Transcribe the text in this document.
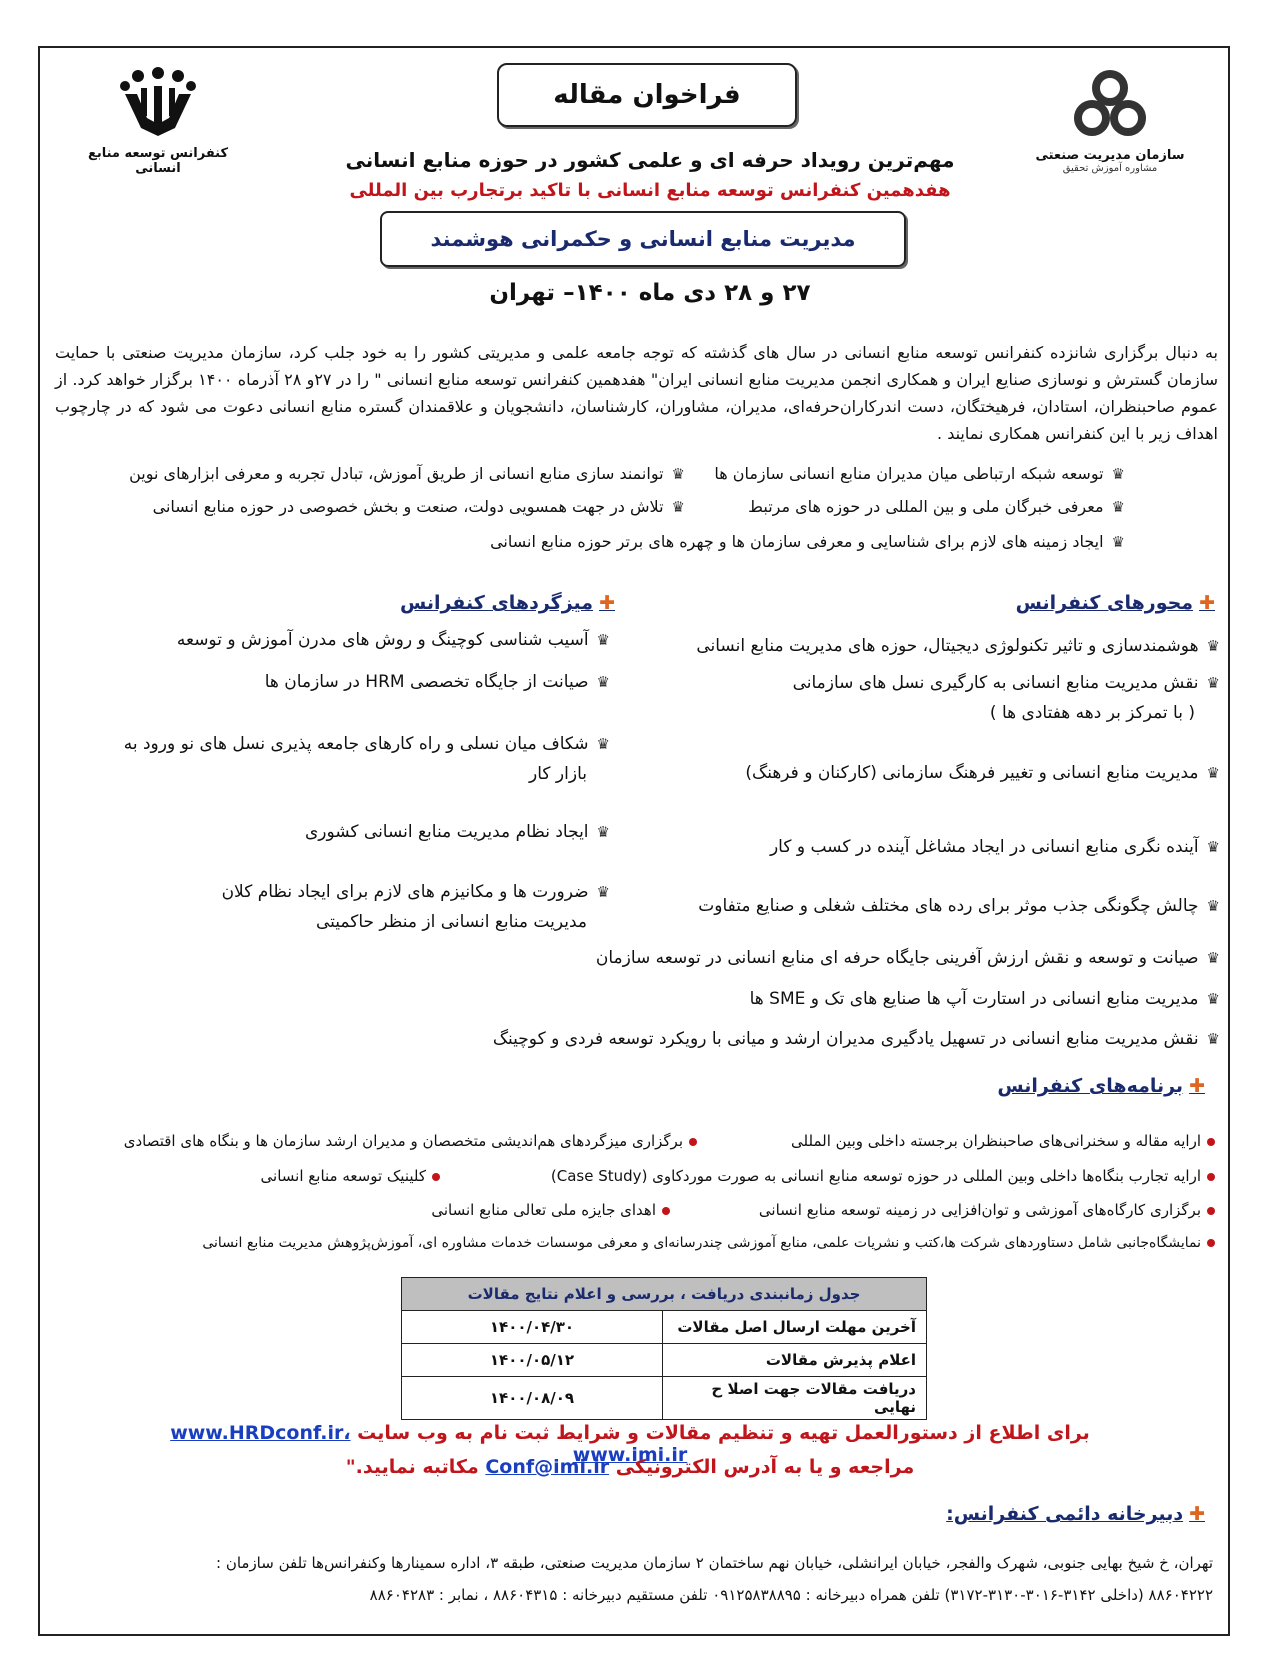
کنفرانس توسعه منابع انسانی
سازمان مدیریت صنعتی
مشاوره آموزش تحقیق
فراخوان مقاله
مهم‌ترین رویداد حرفه ای و علمی کشور در حوزه منابع انسانی
هفدهمین کنفرانس توسعه منابع انسانی با تاکید برتجارب بین المللی
مدیریت منابع انسانی و حکمرانی هوشمند
۲۷ و ۲۸ دی ماه ۱۴۰۰– تهران
به دنبال برگزاری شانزده کنفرانس توسعه منابع انسانی در سال های گذشته که توجه جامعه علمی و مدیریتی کشور را به خود جلب کرد، سازمان مدیریت صنعتی با حمایت سازمان گسترش و نوسازی صنایع ایران و همکاری انجمن مدیریت منابع انسانی ایران" هفدهمین کنفرانس توسعه منابع انسانی " را در ۲۷و ۲۸ آذرماه ۱۴۰۰ برگزار خواهد کرد. از عموم صاحبنظران، استادان، فرهیختگان، دست اندرکاران‌حرفه‌ای، مدیران، مشاوران، کارشناسان، دانشجویان و علاقمندان گستره منابع انسانی دعوت می شود که در چارچوب اهداف زیر با این کنفرانس همکاری نمایند .
♛توسعه شبکه ارتباطی میان مدیران منابع انسانی سازمان ها
♛توانمند سازی منابع انسانی از طریق آموزش، تبادل تجربه و معرفی ابزارهای نوین
♛معرفی خبرگان ملی و بین المللی در حوزه های مرتبط
♛تلاش در جهت همسویی دولت، صنعت و بخش خصوصی در حوزه منابع انسانی
♛ایجاد زمینه های لازم برای شناسایی و معرفی سازمان ها و چهره های برتر حوزه منابع انسانی
✚محورهای کنفرانس
♛هوشمندسازی و تاثیر تکنولوژی دیجیتال، حوزه های مدیریت منابع انسانی
♛نقش مدیریت منابع انسانی به کارگیری نسل های سازمانی
( با تمرکز بر دهه هفتادی ها )
♛مدیریت منابع انسانی و تغییر فرهنگ سازمانی (کارکنان و فرهنگ)
♛آینده نگری منابع انسانی در ایجاد مشاغل آینده در کسب و کار
♛چالش چگونگی جذب موثر برای رده های مختلف شغلی و صنایع متفاوت
♛صیانت و توسعه و نقش ارزش آفرینی جایگاه حرفه ای منابع انسانی در توسعه سازمان
♛مدیریت منابع انسانی در استارت آپ ها صنایع های تک و SME ها
♛نقش مدیریت منابع انسانی در تسهیل یادگیری مدیران ارشد و میانی با رویکرد توسعه فردی و کوچینگ
✚میزگردهای کنفرانس
♛آسیب شناسی کوچینگ و روش های مدرن آموزش و توسعه
♛صیانت از جایگاه تخصصی HRM در سازمان ها
♛شکاف میان نسلی و راه کارهای جامعه پذیری نسل های نو ورود به
بازار کار
♛ایجاد نظام مدیریت منابع انسانی کشوری
♛ضرورت ها و مکانیزم های لازم برای ایجاد نظام کلان
مدیریت منابع انسانی از منظر حاکمیتی
✚برنامه‌های کنفرانس
ارایه مقاله و سخنرانی‌های صاحبنظران برجسته داخلی وبین المللی
برگزاری میزگردهای هم‌اندیشی متخصصان و مدیران ارشد سازمان ها و بنگاه های اقتصادی
ارایه تجارب بنگاه‌ها داخلی وبین المللی در حوزه توسعه منابع انسانی به صورت موردکاوی (Case Study)
کلینیک توسعه منابع انسانی
برگزاری کارگاه‌های آموزشی و توان‌افزایی در زمینه توسعه منابع انسانی
اهدای جایزه ملی تعالی منابع انسانی
نمایشگاه‌جانبی شامل دستاوردهای شرکت ها،کتب و نشریات علمی، منابع آموزشی چندرسانه‌ای و معرفی موسسات خدمات مشاوره ای، آموزش‌پژوهش مدیریت منابع انسانی
جدول زمانبندی دریافت ، بررسی و اعلام نتایج مقالات	
آخرین مهلت ارسال اصل مقالات	۱۴۰۰/۰۴/۳۰
اعلام پذیرش مقالات	۱۴۰۰/۰۵/۱۲
دریافت مقالات جهت اصلا ح نهایی	۱۴۰۰/۰۸/۰۹
برای اطلاع از دستورالعمل تهیه و تنظیم مقالات و شرایط ثبت نام به وب سایت www.HRDconf.ir، www.imi.ir
مراجعه و یا به آدرس الکترونیکی Conf@imi.ir مکاتبه نمایید."
✚دبیرخانه دائمی کنفرانس:
تهران، خ شیخ بهایی جنوبی، شهرک والفجر، خیابان ایرانشلی، خیابان نهم ساختمان ۲ سازمان مدیریت صنعتی، طبقه ۳، اداره سمینارها وکنفرانس‌ها تلفن سازمان :
۸۸۶۰۴۲۲۲ (داخلی ۳۱۴۲-۳۰۱۶-۳۱۳۰-۳۱۷۲) تلفن همراه دبیرخانه : ۰۹۱۲۵۸۳۸۸۹۵ تلفن مستقیم دبیرخانه : ۸۸۶۰۴۳۱۵ ، نمابر : ۸۸۶۰۴۲۸۳
